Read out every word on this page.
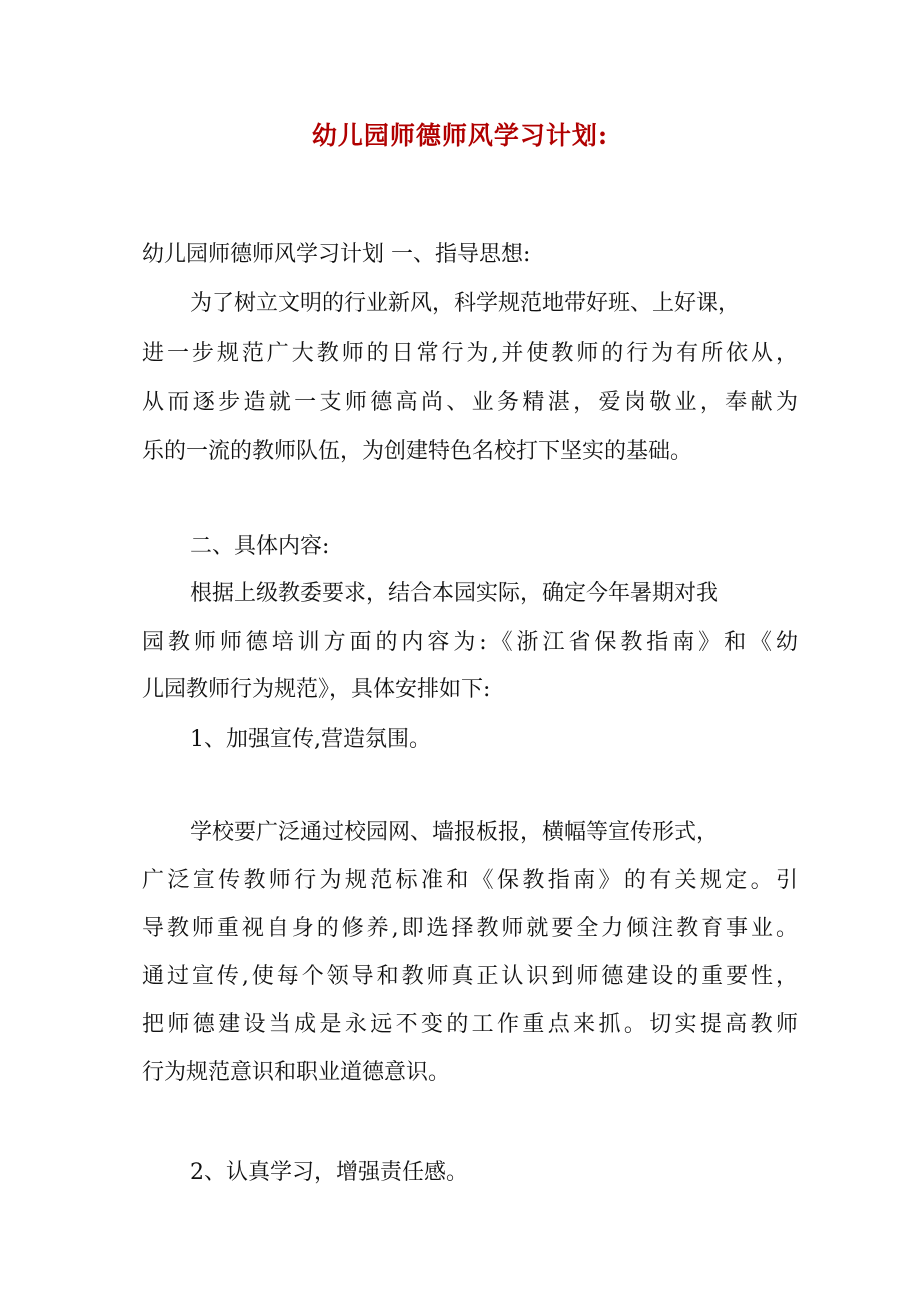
幼儿园师德师风学习计划:

幼儿园师德师风学习计划 一、指导思想:

为了树立文明的行业新风，科学规范地带好班、上好课，

进一步规范广大教师的日常行为,并使教师的行为有所依从，

从而逐步造就一支师德高尚、业务精湛，爱岗敬业，奉献为

乐的一流的教师队伍，为创建特色名校打下坚实的基础。

二、具体内容:

根据上级教委要求，结合本园实际，确定今年暑期对我

园教师师德培训方面的内容为:《浙江省保教指南》和《幼

儿园教师行为规范》，具体安排如下:

1、加强宣传,营造氛围。

学校要广泛通过校园网、墙报板报，横幅等宣传形式，

广泛宣传教师行为规范标准和《保教指南》的有关规定。引

导教师重视自身的修养,即选择教师就要全力倾注教育事业。

通过宣传,使每个领导和教师真正认识到师德建设的重要性，

把师德建设当成是永远不变的工作重点来抓。切实提高教师

行为规范意识和职业道德意识。

2、认真学习，增强责任感。
